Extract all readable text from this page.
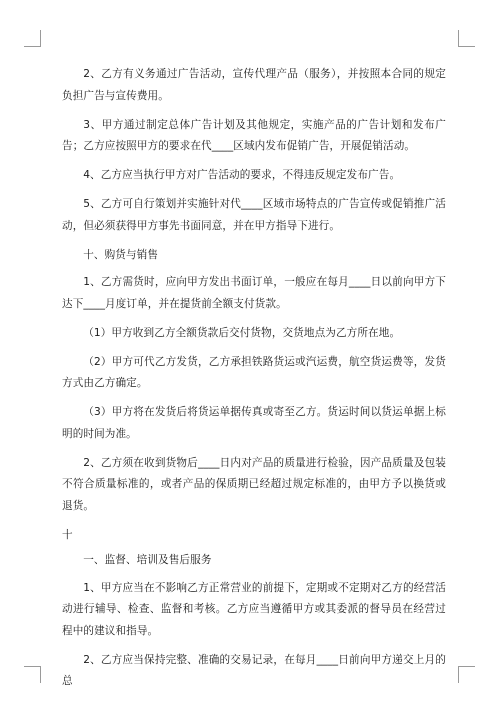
2、乙方有义务通过广告活动，宣传代理产品（服务），并按照本合同的规定负担广告与宣传费用。

3、甲方通过制定总体广告计划及其他规定，实施产品的广告计划和发布广告；乙方应按照甲方的要求在代____区域内发布促销广告，开展促销活动。

4、乙方应当执行甲方对广告活动的要求，不得违反规定发布广告。

5、乙方可自行策划并实施针对代____区域市场特点的广告宣传或促销推广活动，但必须获得甲方事先书面同意，并在甲方指导下进行。

十、购货与销售

1、乙方需货时，应向甲方发出书面订单，一般应在每月____日以前向甲方下达下____月度订单，并在提货前全额支付货款。

（1）甲方收到乙方全额货款后交付货物，交货地点为乙方所在地。

（2）甲方可代乙方发货，乙方承担铁路货运或汽运费，航空货运费等，发货方式由乙方确定。

（3）甲方将在发货后将货运单据传真或寄至乙方。货运时间以货运单据上标明的时间为准。

2、乙方须在收到货物后____日内对产品的质量进行检验，因产品质量及包装不符合质量标准的，或者产品的保质期已经超过规定标准的，由甲方予以换货或退货。

十

一、监督、培训及售后服务

1、甲方应当在不影响乙方正常营业的前提下，定期或不定期对乙方的经营活动进行辅导、检查、监督和考核。乙方应当遵循甲方或其委派的督导员在经营过程中的建议和指导。

2、乙方应当保持完整、准确的交易记录，在每月____日前向甲方递交上月的总
